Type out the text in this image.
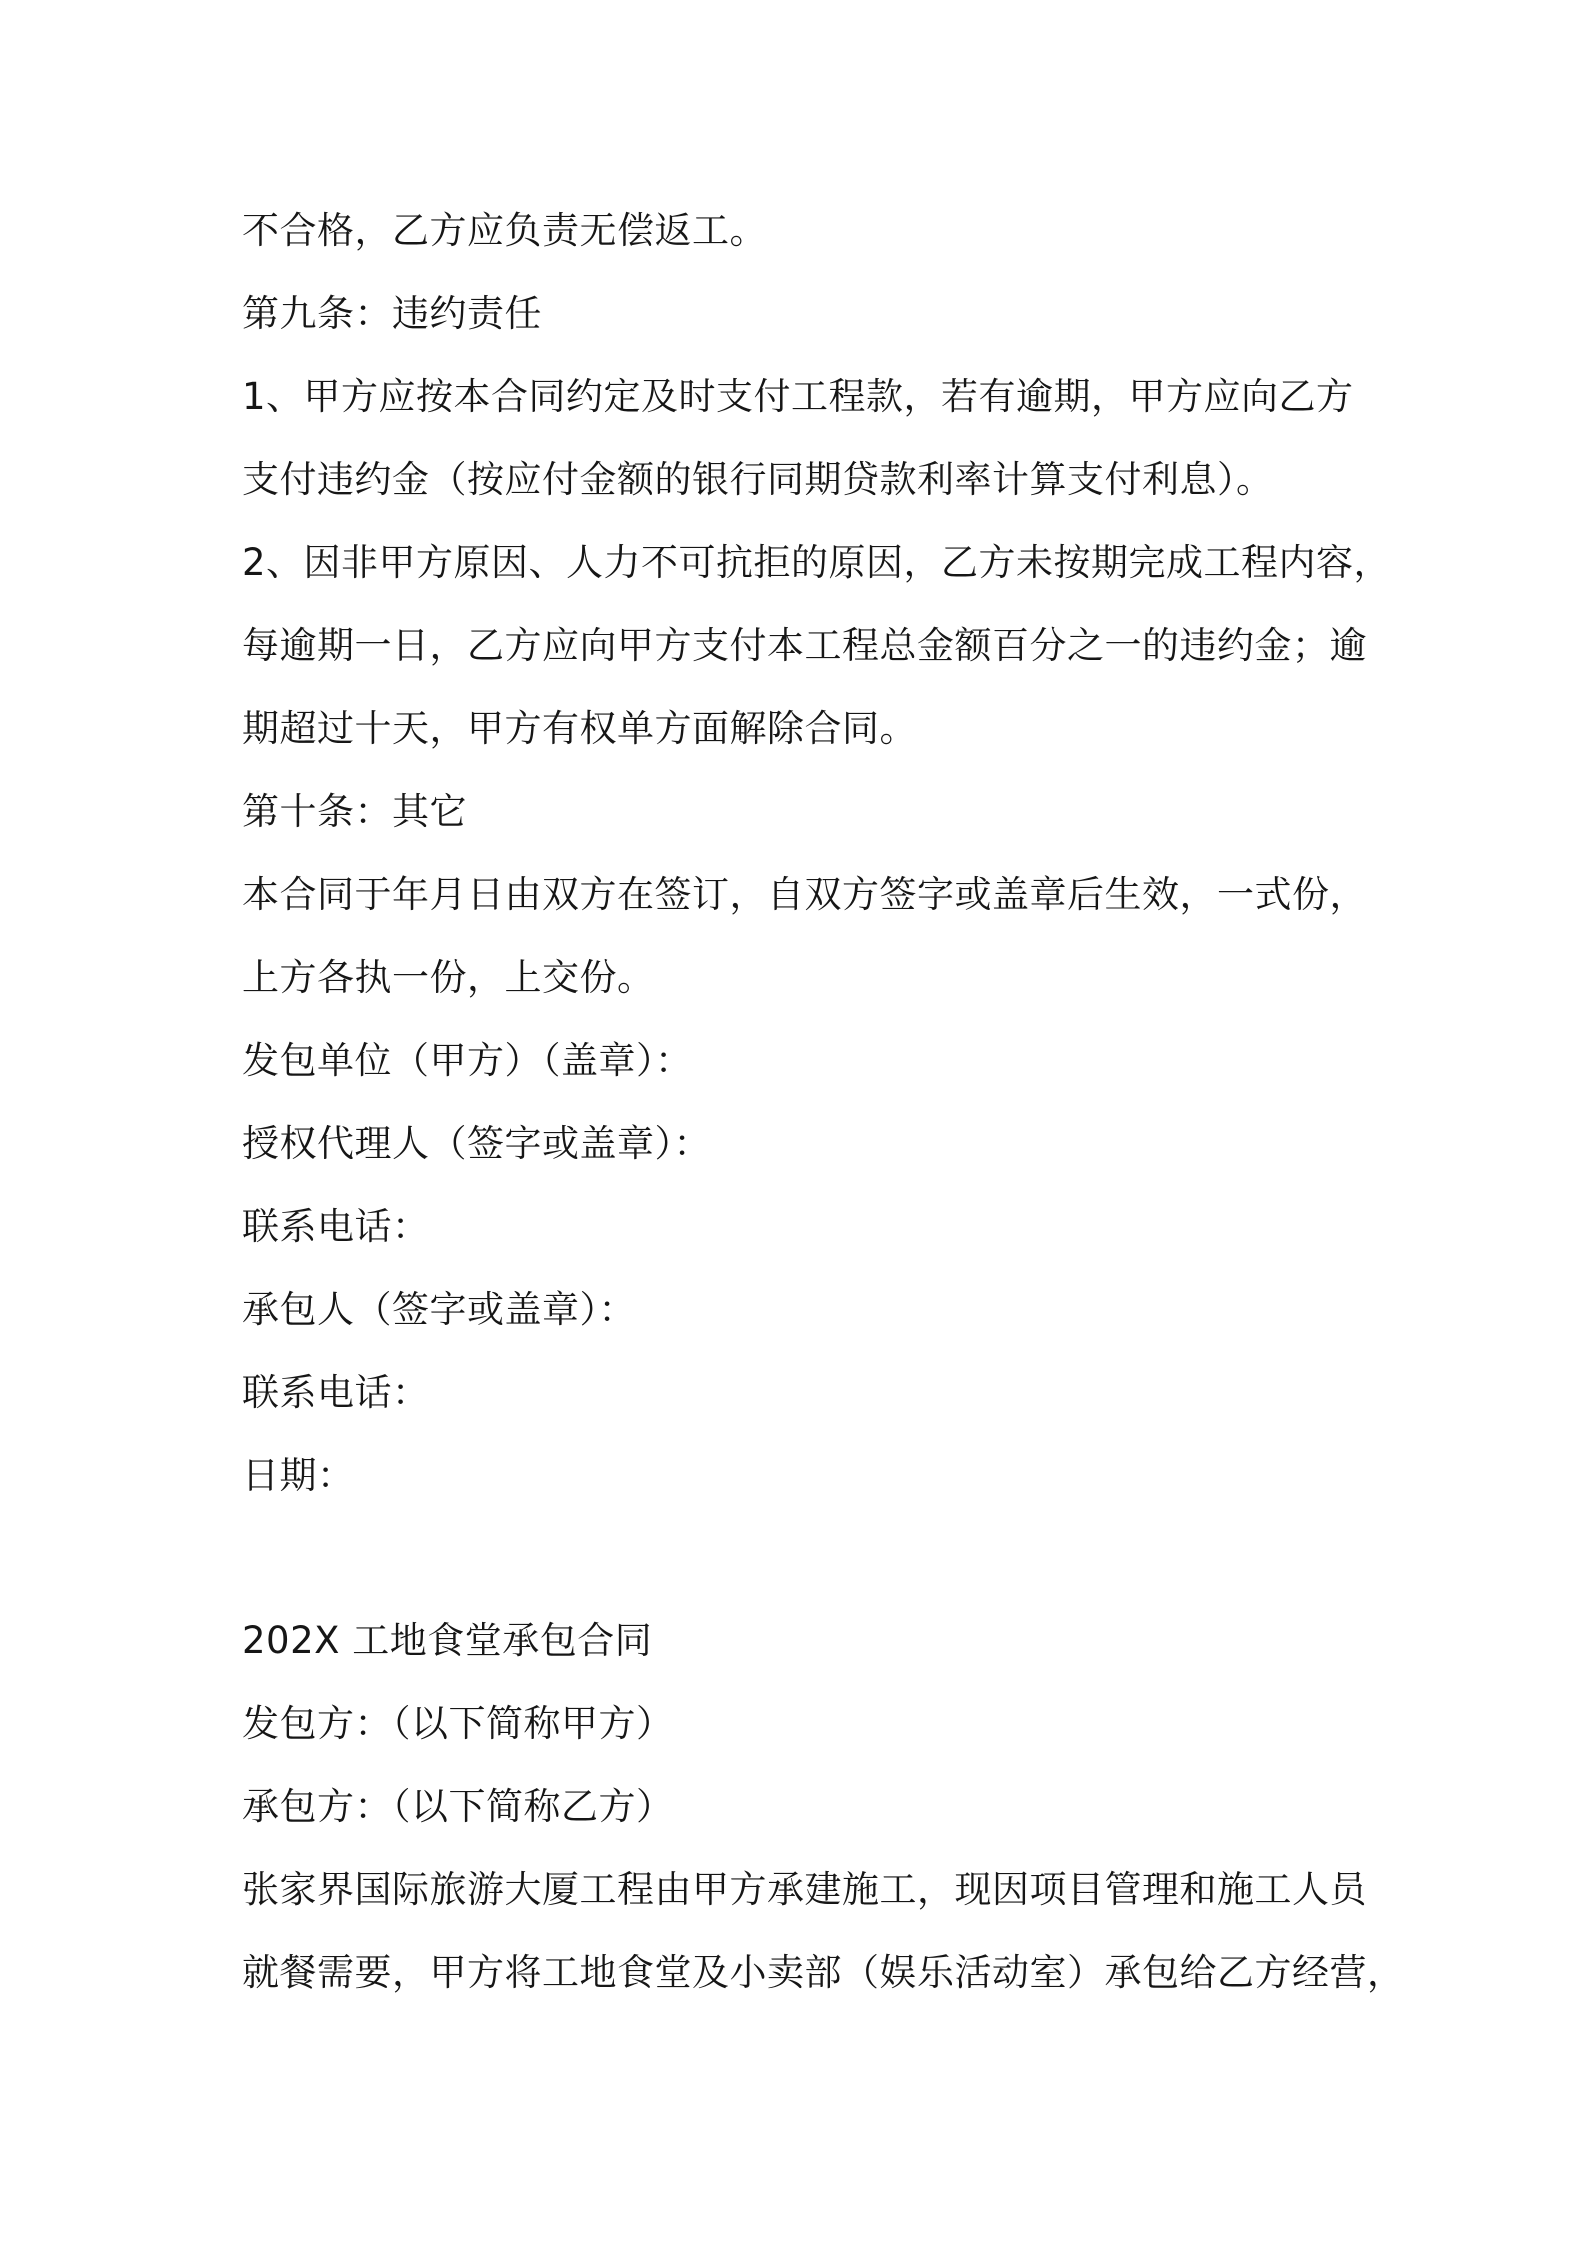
不合格，乙方应负责无偿返工。

第九条：违约责任

1、甲方应按本合同约定及时支付工程款，若有逾期，甲方应向乙方

支付违约金（按应付金额的银行同期贷款利率计算支付利息）。

2、因非甲方原因、人力不可抗拒的原因，乙方未按期完成工程内容，

每逾期一日，乙方应向甲方支付本工程总金额百分之一的违约金；逾

期超过十天，甲方有权单方面解除合同。

第十条：其它

本合同于年月日由双方在签订，自双方签字或盖章后生效，一式份，

上方各执一份，上交份。

发包单位（甲方）（盖章）：

授权代理人（签字或盖章）：

联系电话：

承包人（签字或盖章）：

联系电话：

日期：

202X 工地食堂承包合同

发包方：（以下简称甲方）

承包方：（以下简称乙方）

张家界国际旅游大厦工程由甲方承建施工，现因项目管理和施工人员

就餐需要，甲方将工地食堂及小卖部（娱乐活动室）承包给乙方经营，
